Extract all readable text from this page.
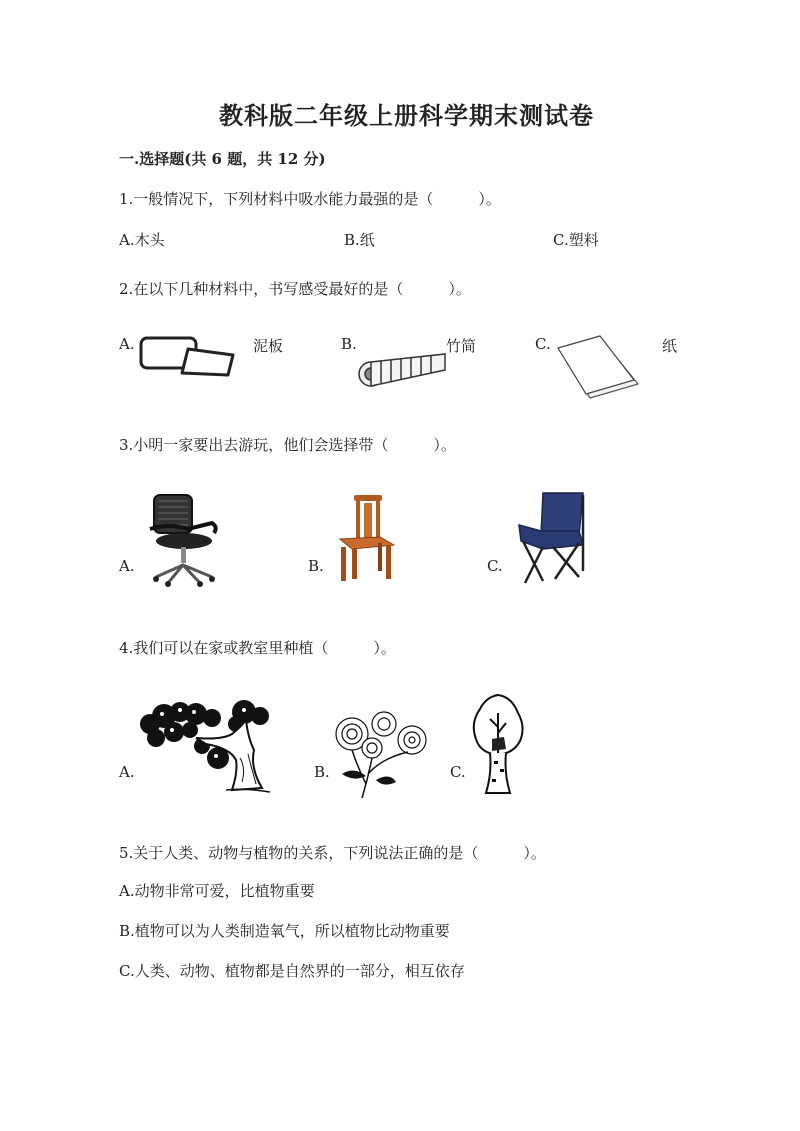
教科版二年级上册科学期末测试卷
一.选择题(共 6 题，共 12 分)
1.一般情况下，下列材料中吸水能力最强的是（　　　）。
A.木头	B.纸	C.塑料
2.在以下几种材料中，书写感受最好的是（　　　）。
A.	泥板	B.	竹简	C.	纸
3.小明一家要出去游玩，他们会选择带（　　　）。
A.	B.	C.
4.我们可以在家或教室里种植（　　　）。
A.	B.	C.
5.关于人类、动物与植物的关系，下列说法正确的是（　　　）。
A.动物非常可爱，比植物重要
B.植物可以为人类制造氧气，所以植物比动物重要
C.人类、动物、植物都是自然界的一部分，相互依存
